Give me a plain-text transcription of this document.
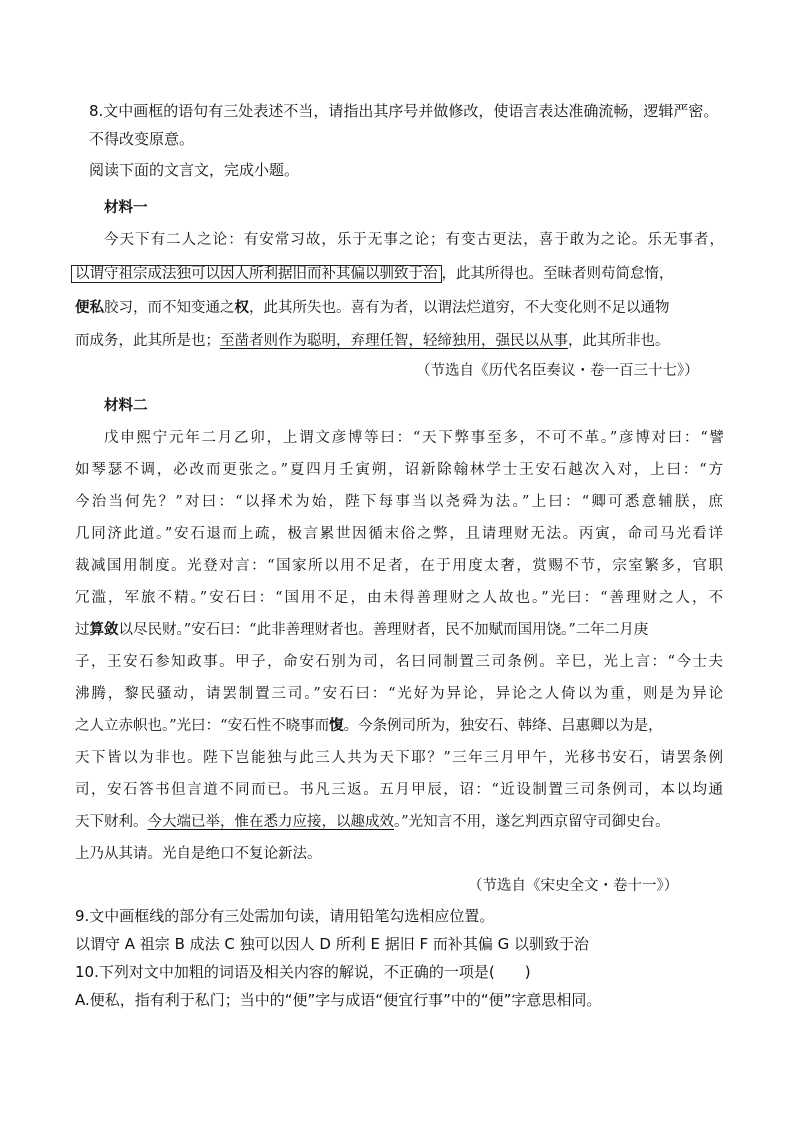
8.文中画框的语句有三处表述不当，请指出其序号并做修改，使语言表达准确流畅，逻辑严密。
不得改变原意。
阅读下面的文言文，完成小题。
材料一
今天下有二人之论：有安常习故，乐于无事之论；有变古更法，喜于敢为之论。乐无事者，
以谓守祖宗成法独可以因人所利据旧而补其偏以驯致于治 ，此其所得也。至昧者则苟简怠惰，
便私胶习，而不知变通之权，此其所失也。喜有为者，以谓法烂道穷，不大变化则不足以通物
而成务，此其所是也；至凿者则作为聪明，弃理任智，轻缔独用，强民以从事，此其所非也。
（节选自《历代名臣奏议・卷一百三十七》）
材料二
戊申熙宁元年二月乙卯，上谓文彦博等曰：“天下弊事至多，不可不革。”彦博对曰：“譬
如琴瑟不调，必改而更张之。”夏四月壬寅朔，诏新除翰林学士王安石越次入对，上曰：“方
今治当何先？”对曰：“以择术为始，陛下每事当以尧舜为法。”上曰：“卿可悉意辅朕，庶
几同济此道。”安石退而上疏，极言累世因循末俗之弊，且请理财无法。丙寅，命司马光看详
裁减国用制度。光登对言：“国家所以用不足者，在于用度太奢，赏赐不节，宗室繁多，官职
冗滥，军旅不精。”安石曰：“国用不足，由未得善理财之人故也。”光曰：“善理财之人，不
过算敛以尽民财。”安石曰：“此非善理财者也。善理财者，民不加赋而国用饶。”二年二月庚
子，王安石参知政事。甲子，命安石别为司，名曰同制置三司条例。辛巳，光上言：“今士夫
沸腾，黎民骚动，请罢制置三司。”安石曰：“光好为异论，异论之人倚以为重，则是为异论
之人立赤帜也。”光曰：“安石性不晓事而愎。今条例司所为，独安石、韩绛、吕惠卿以为是，
天下皆以为非也。陛下岂能独与此三人共为天下耶？”三年三月甲午，光移书安石，请罢条例
司，安石答书但言道不同而已。书凡三返。五月甲辰，诏：“近设制置三司条例司，本以均通
天下财利。今大端已举，惟在悉力应接，以趣成效。”光知言不用，遂乞判西京留守司御史台。
上乃从其请。光自是绝口不复论新法。
（节选自《宋史全文・卷十一》）
9.文中画框线的部分有三处需加句读，请用铅笔勾选相应位置。
以谓守 A 祖宗 B 成法 C 独可以因人 D 所利 E 据旧 F 而补其偏 G 以驯致于治
10.下列对文中加粗的词语及相关内容的解说，不正确的一项是(　　)
A.便私，指有利于私门；当中的“便”字与成语“便宜行事”中的“便”字意思相同。
